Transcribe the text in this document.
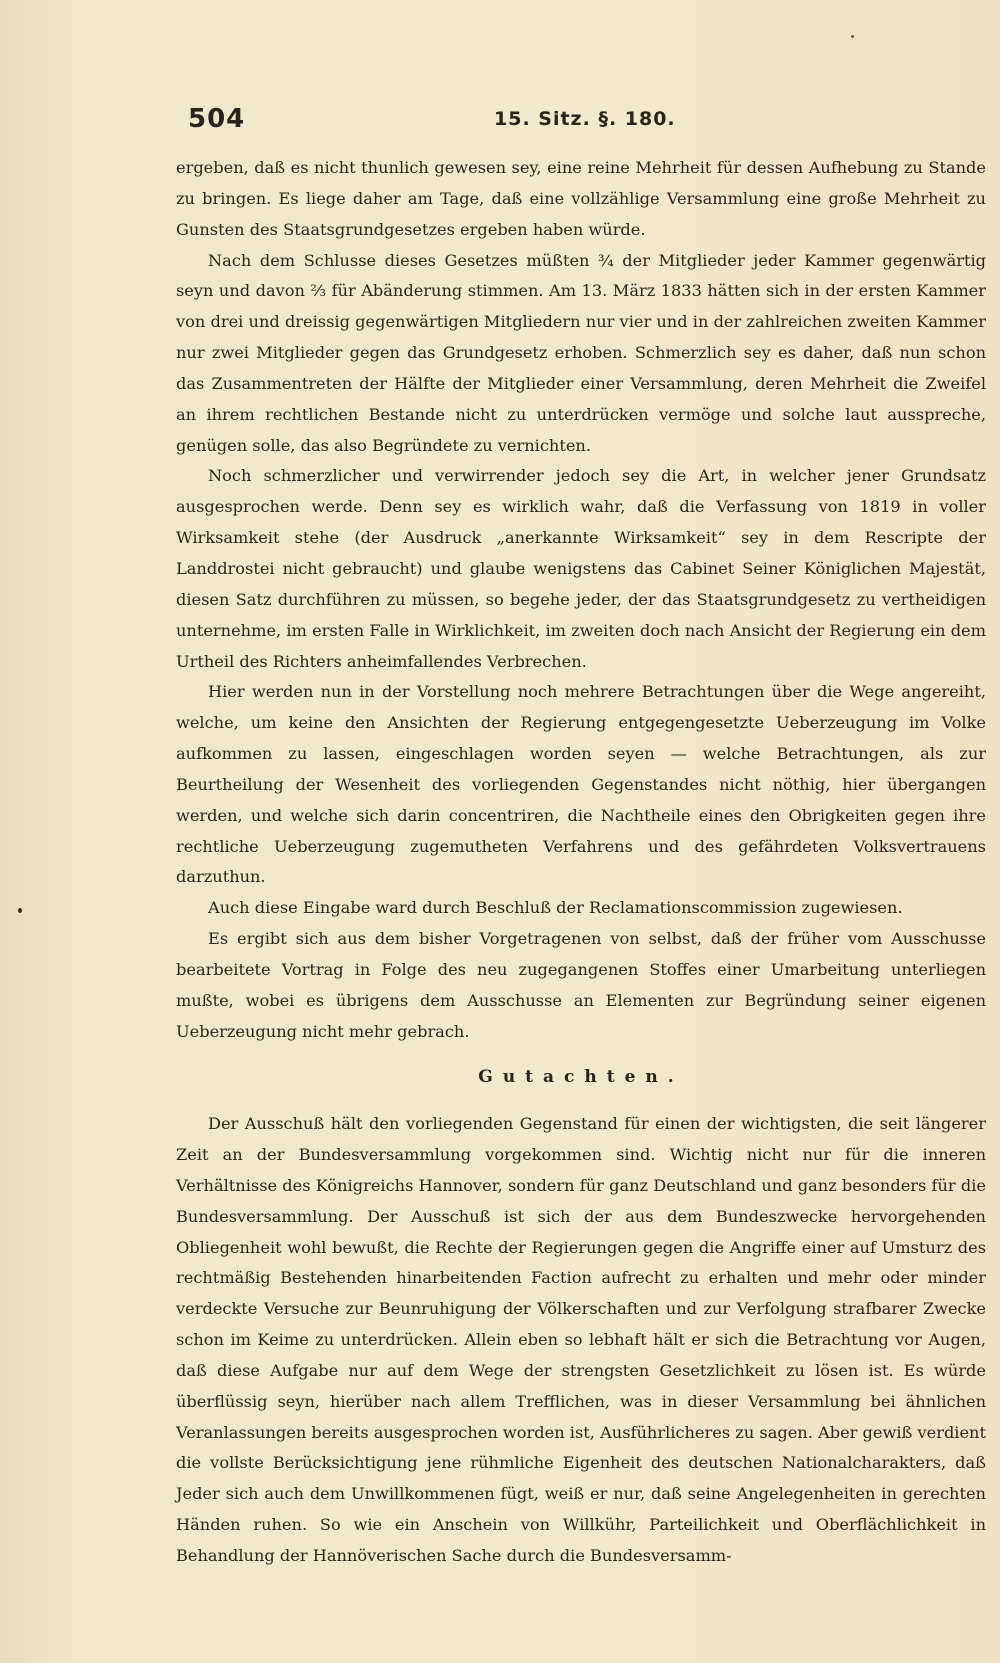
504	15. Sitz. §. 180.

ergeben, daß es nicht thunlich gewesen sey, eine reine Mehrheit für dessen Aufhebung zu Stande zu bringen. Es liege daher am Tage, daß eine vollzählige Versammlung eine große Mehrheit zu Gunsten des Staatsgrundgesetzes ergeben haben würde.

Nach dem Schlusse dieses Gesetzes müßten ¾ der Mitglieder jeder Kammer gegenwärtig seyn und davon ⅔ für Abänderung stimmen. Am 13. März 1833 hätten sich in der ersten Kammer von drei und dreissig gegenwärtigen Mitgliedern nur vier und in der zahlreichen zweiten Kammer nur zwei Mitglieder gegen das Grundgesetz erhoben. Schmerzlich sey es daher, daß nun schon das Zusammentreten der Hälfte der Mitglieder einer Versammlung, deren Mehrheit die Zweifel an ihrem rechtlichen Bestande nicht zu unterdrücken vermöge und solche laut ausspreche, genügen solle, das also Begründete zu vernichten.

Noch schmerzlicher und verwirrender jedoch sey die Art, in welcher jener Grundsatz ausgesprochen werde. Denn sey es wirklich wahr, daß die Verfassung von 1819 in voller Wirksamkeit stehe (der Ausdruck „anerkannte Wirksamkeit“ sey in dem Rescripte der Landdrostei nicht gebraucht) und glaube wenigstens das Cabinet Seiner Königlichen Majestät, diesen Satz durchführen zu müssen, so begehe jeder, der das Staatsgrundgesetz zu vertheidigen unternehme, im ersten Falle in Wirklichkeit, im zweiten doch nach Ansicht der Regierung ein dem Urtheil des Richters anheimfallendes Verbrechen.

Hier werden nun in der Vorstellung noch mehrere Betrachtungen über die Wege angereiht, welche, um keine den Ansichten der Regierung entgegengesetzte Ueberzeugung im Volke aufkommen zu lassen, eingeschlagen worden seyen — welche Betrachtungen, als zur Beurtheilung der Wesenheit des vorliegenden Gegenstandes nicht nöthig, hier übergangen werden, und welche sich darin concentriren, die Nachtheile eines den Obrigkeiten gegen ihre rechtliche Ueberzeugung zugemutheten Verfahrens und des gefährdeten Volksvertrauens darzuthun.

Auch diese Eingabe ward durch Beschluß der Reclamationscommission zugewiesen.

Es ergibt sich aus dem bisher Vorgetragenen von selbst, daß der früher vom Ausschusse bearbeitete Vortrag in Folge des neu zugegangenen Stoffes einer Umarbeitung unterliegen mußte, wobei es übrigens dem Ausschusse an Elementen zur Begründung seiner eigenen Ueberzeugung nicht mehr gebrach.

Gutachten.

Der Ausschuß hält den vorliegenden Gegenstand für einen der wichtigsten, die seit längerer Zeit an der Bundesversammlung vorgekommen sind. Wichtig nicht nur für die inneren Verhältnisse des Königreichs Hannover, sondern für ganz Deutschland und ganz besonders für die Bundesversammlung. Der Ausschuß ist sich der aus dem Bundeszwecke hervorgehenden Obliegenheit wohl bewußt, die Rechte der Regierungen gegen die Angriffe einer auf Umsturz des rechtmäßig Bestehenden hinarbeitenden Faction aufrecht zu erhalten und mehr oder minder verdeckte Versuche zur Beunruhigung der Völkerschaften und zur Verfolgung strafbarer Zwecke schon im Keime zu unterdrücken. Allein eben so lebhaft hält er sich die Betrachtung vor Augen, daß diese Aufgabe nur auf dem Wege der strengsten Gesetzlichkeit zu lösen ist. Es würde überflüssig seyn, hierüber nach allem Trefflichen, was in dieser Versammlung bei ähnlichen Veranlassungen bereits ausgesprochen worden ist, Ausführlicheres zu sagen. Aber gewiß verdient die vollste Berücksichtigung jene rühmliche Eigenheit des deutschen Nationalcharakters, daß Jeder sich auch dem Unwillkommenen fügt, weiß er nur, daß seine Angelegenheiten in gerechten Händen ruhen. So wie ein Anschein von Willkühr, Parteilichkeit und Oberflächlichkeit in Behandlung der Hannöverischen Sache durch die Bundesversamm-
